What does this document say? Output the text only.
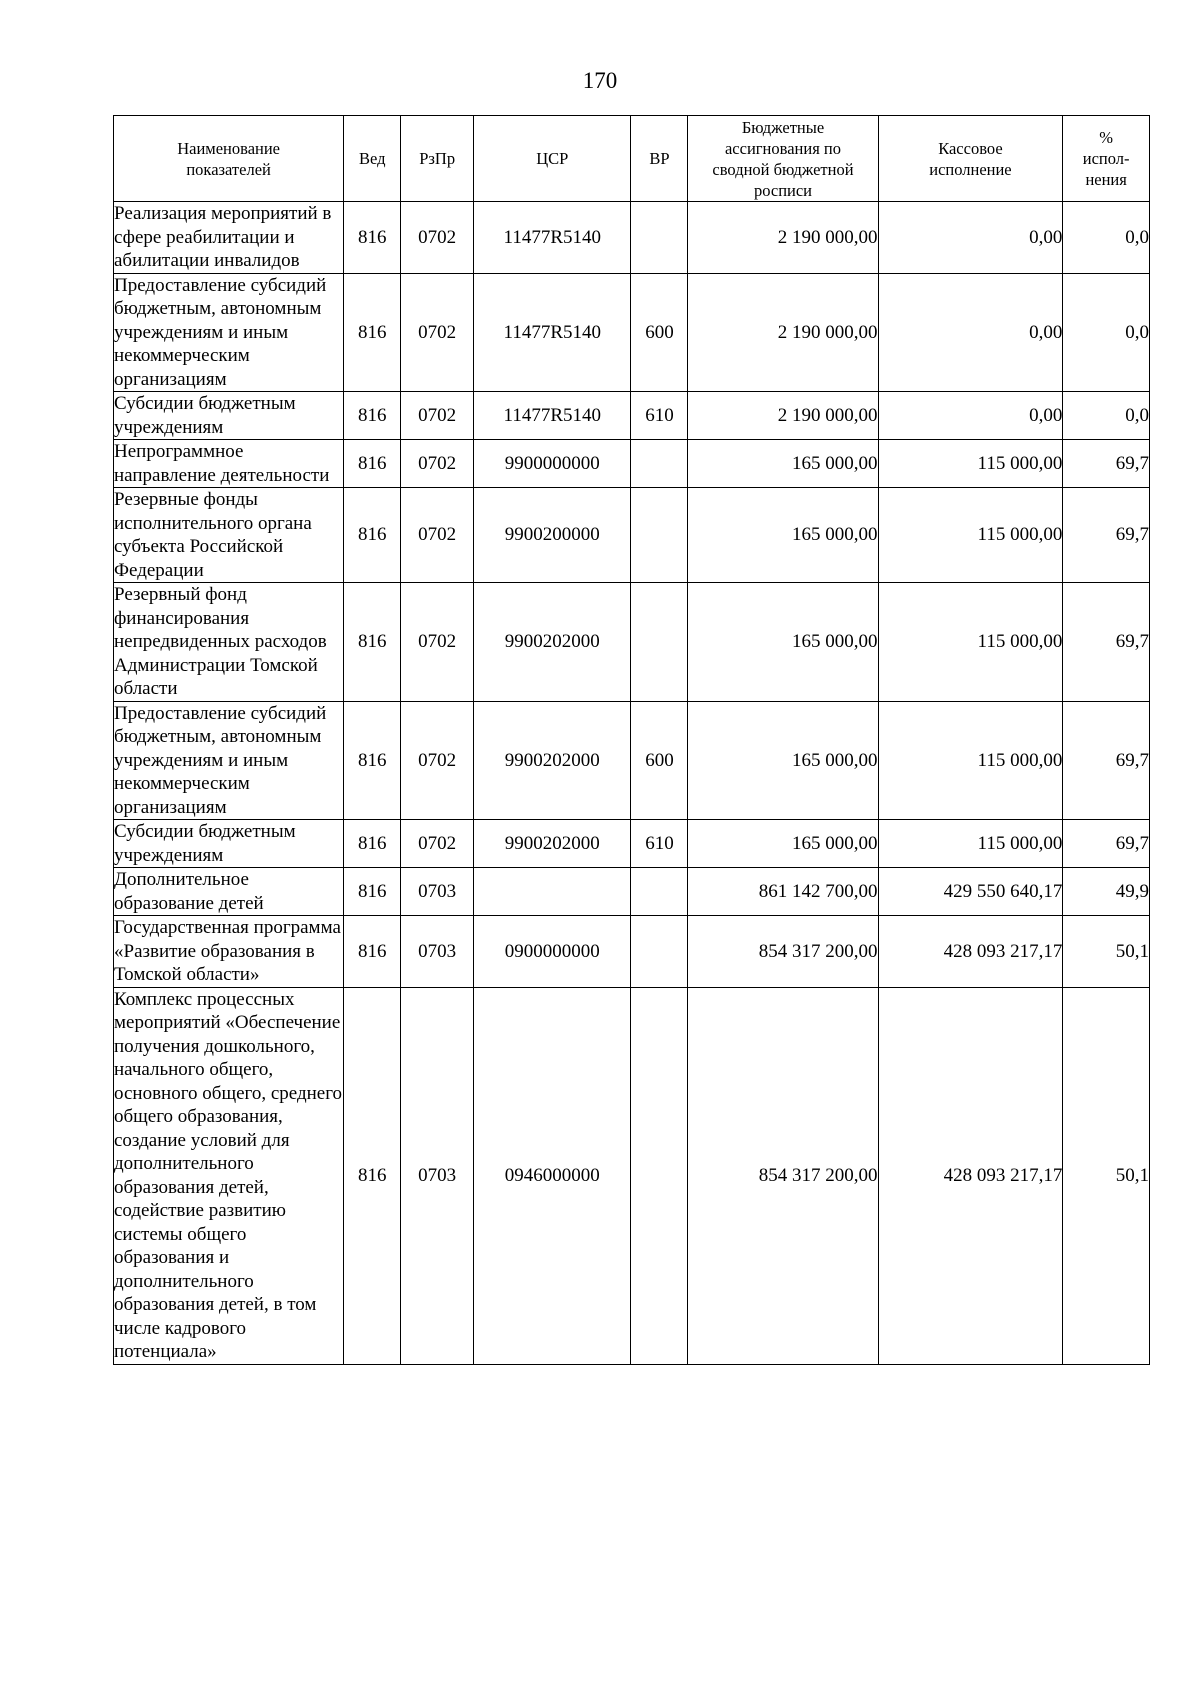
170
Наименование показателей	Вед	РзПр	ЦСР	ВР	Бюджетные ассигнования по сводной бюджетной росписи	Кассовое исполнение	% испол-нения
Реализация мероприятий в сфере реабилитации и абилитации инвалидов	816	0702	11477R5140		2 190 000,00	0,00	0,0
Предоставление субсидий бюджетным, автономным учреждениям и иным некоммерческим организациям	816	0702	11477R5140	600	2 190 000,00	0,00	0,0
Субсидии бюджетным учреждениям	816	0702	11477R5140	610	2 190 000,00	0,00	0,0
Непрограммное направление деятельности	816	0702	9900000000		165 000,00	115 000,00	69,7
Резервные фонды исполнительного органа субъекта Российской Федерации	816	0702	9900200000		165 000,00	115 000,00	69,7
Резервный фонд финансирования непредвиденных расходов Администрации Томской области	816	0702	9900202000		165 000,00	115 000,00	69,7
Предоставление субсидий бюджетным, автономным учреждениям и иным некоммерческим организациям	816	0702	9900202000	600	165 000,00	115 000,00	69,7
Субсидии бюджетным учреждениям	816	0702	9900202000	610	165 000,00	115 000,00	69,7
Дополнительное образование детей	816	0703			861 142 700,00	429 550 640,17	49,9
Государственная программа «Развитие образования в Томской области»	816	0703	0900000000		854 317 200,00	428 093 217,17	50,1
Комплекс процессных мероприятий «Обеспечение получения дошкольного, начального общего, основного общего, среднего общего образования, создание условий для дополнительного образования детей, содействие развитию системы общего образования и дополнительного образования детей, в том числе кадрового потенциала»	816	0703	0946000000		854 317 200,00	428 093 217,17	50,1
